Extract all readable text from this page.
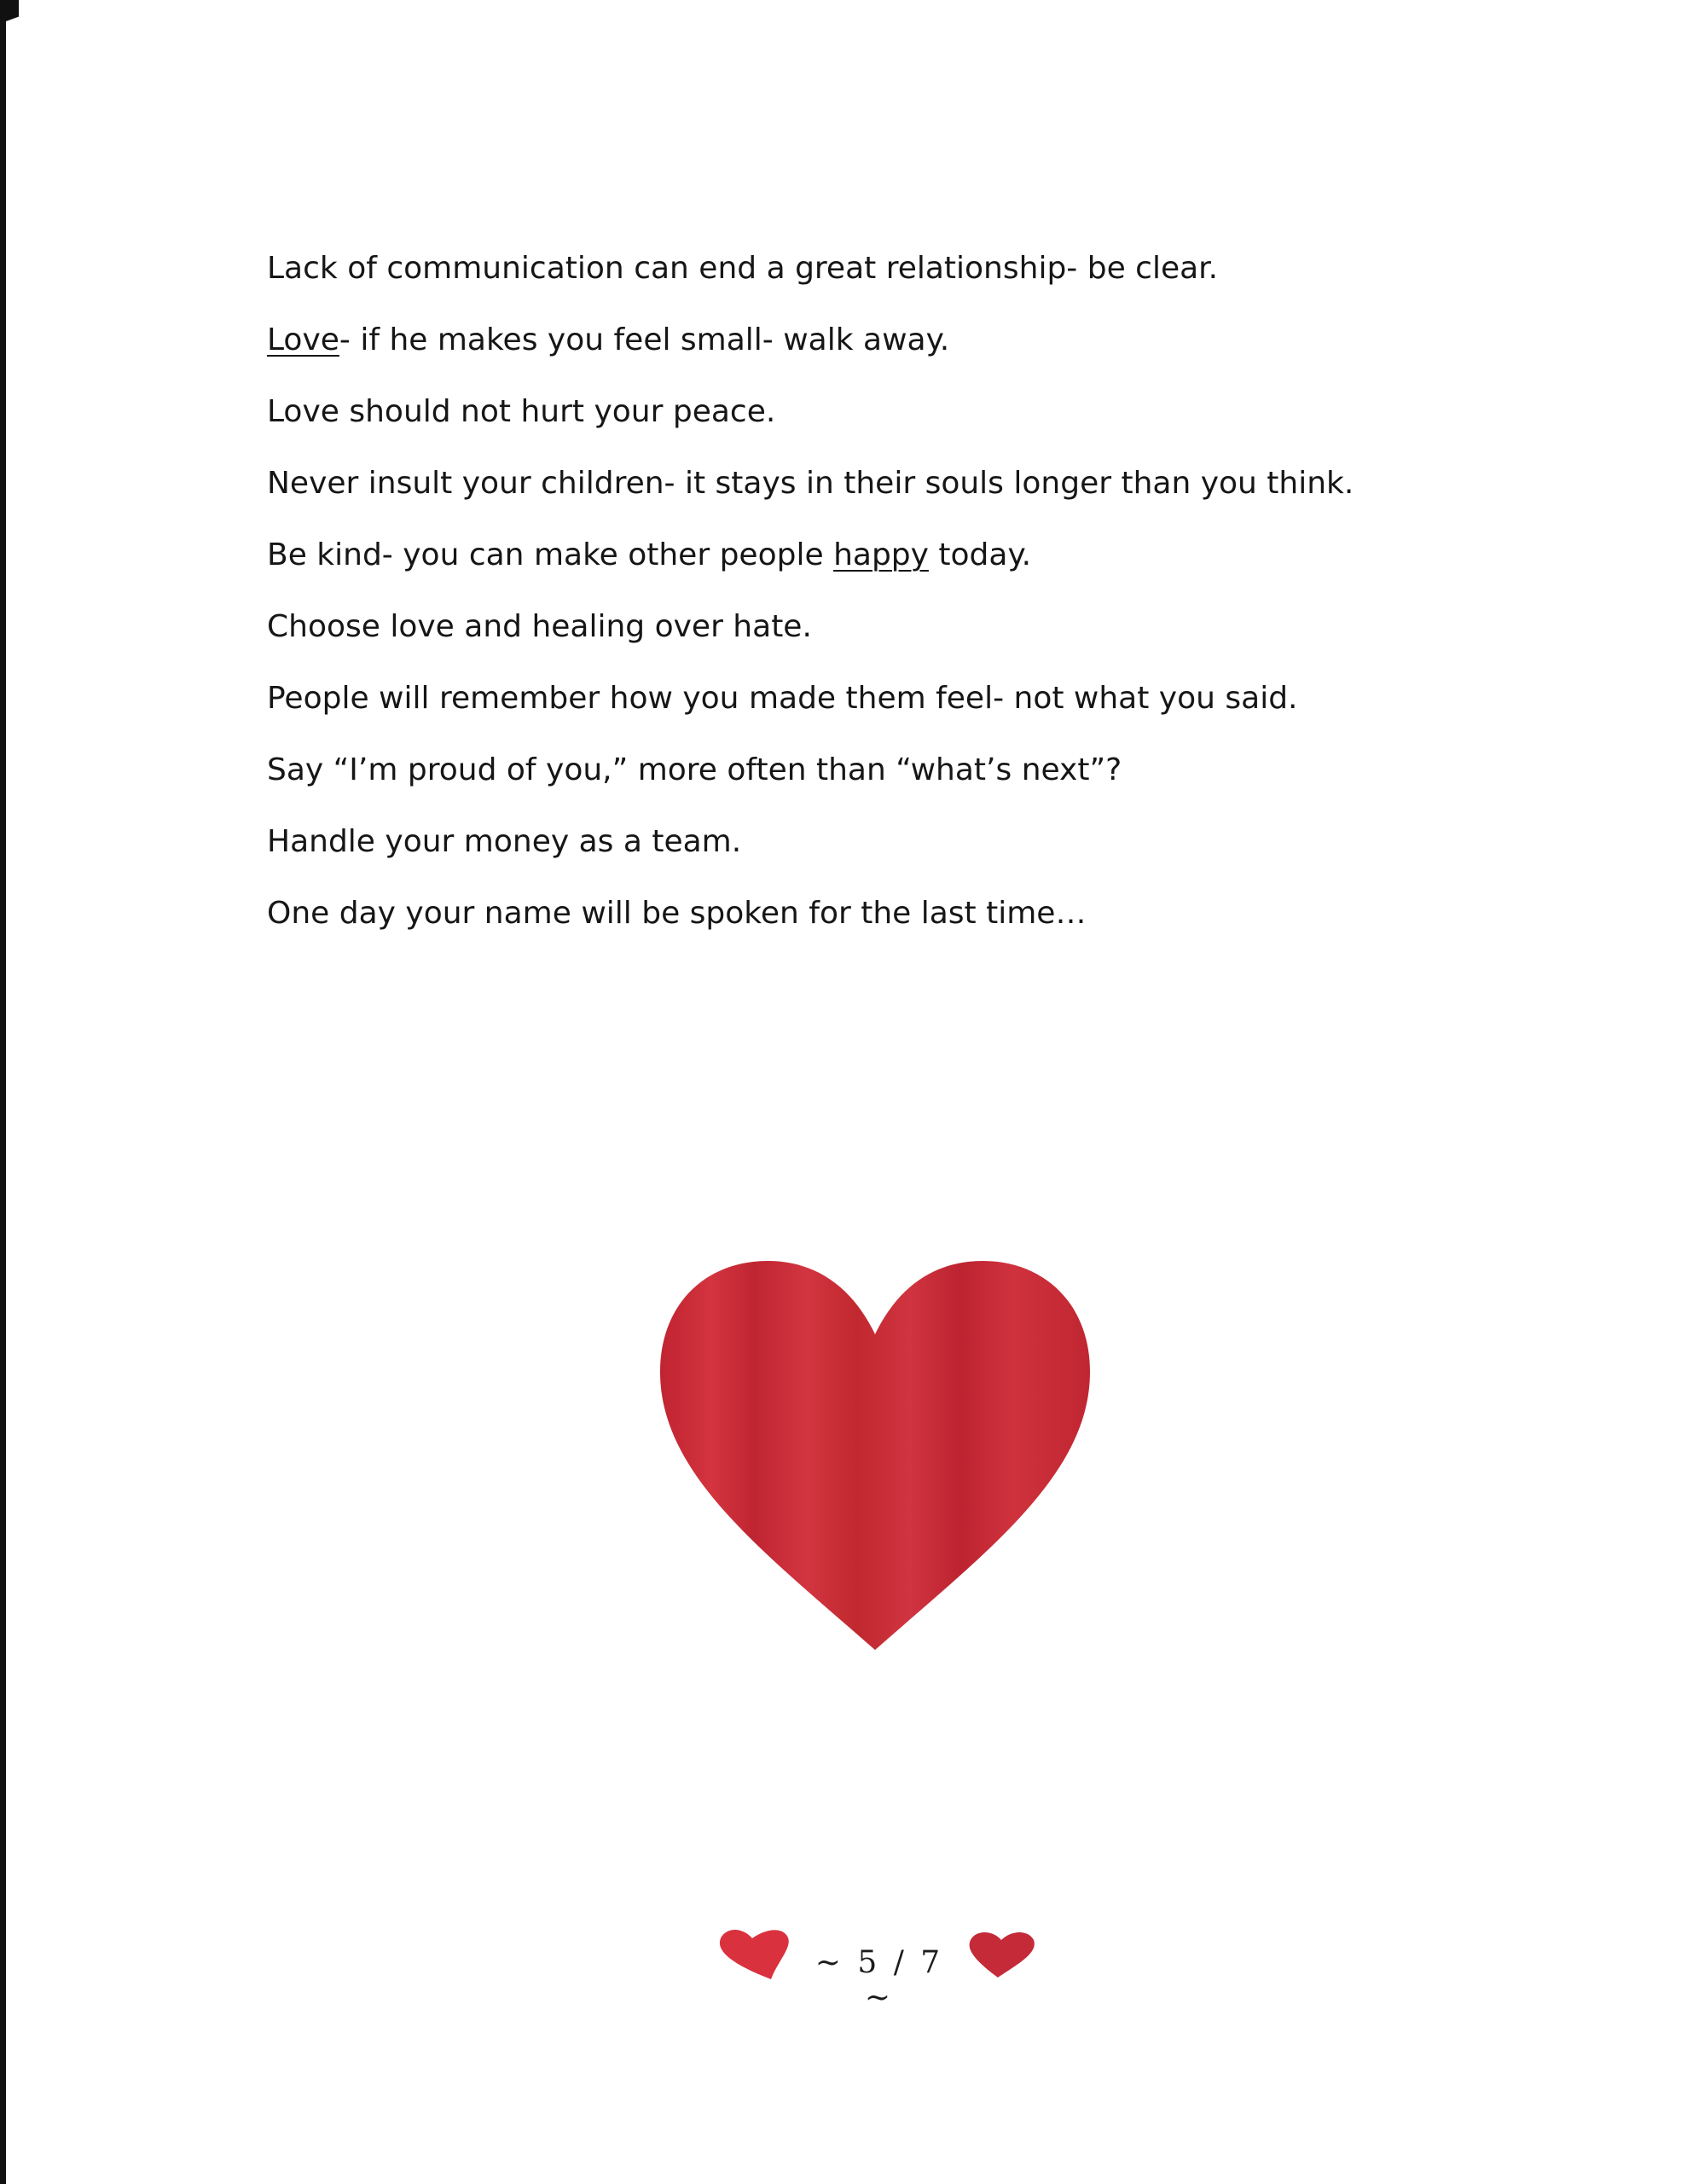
Lack of communication can end a great relationship- be clear.
Love- if he makes you feel small- walk away.
Love should not hurt your peace.
Never insult your children- it stays in their souls longer than you think.
Be kind- you can make other people happy today.
Choose love and healing over hate.
People will remember how you made them feel- not what you said.
Say “I’m proud of you,” more often than “what’s next”?
Handle your money as a team.
One day your name will be spoken for the last time…
~ 5 / 7 ~
